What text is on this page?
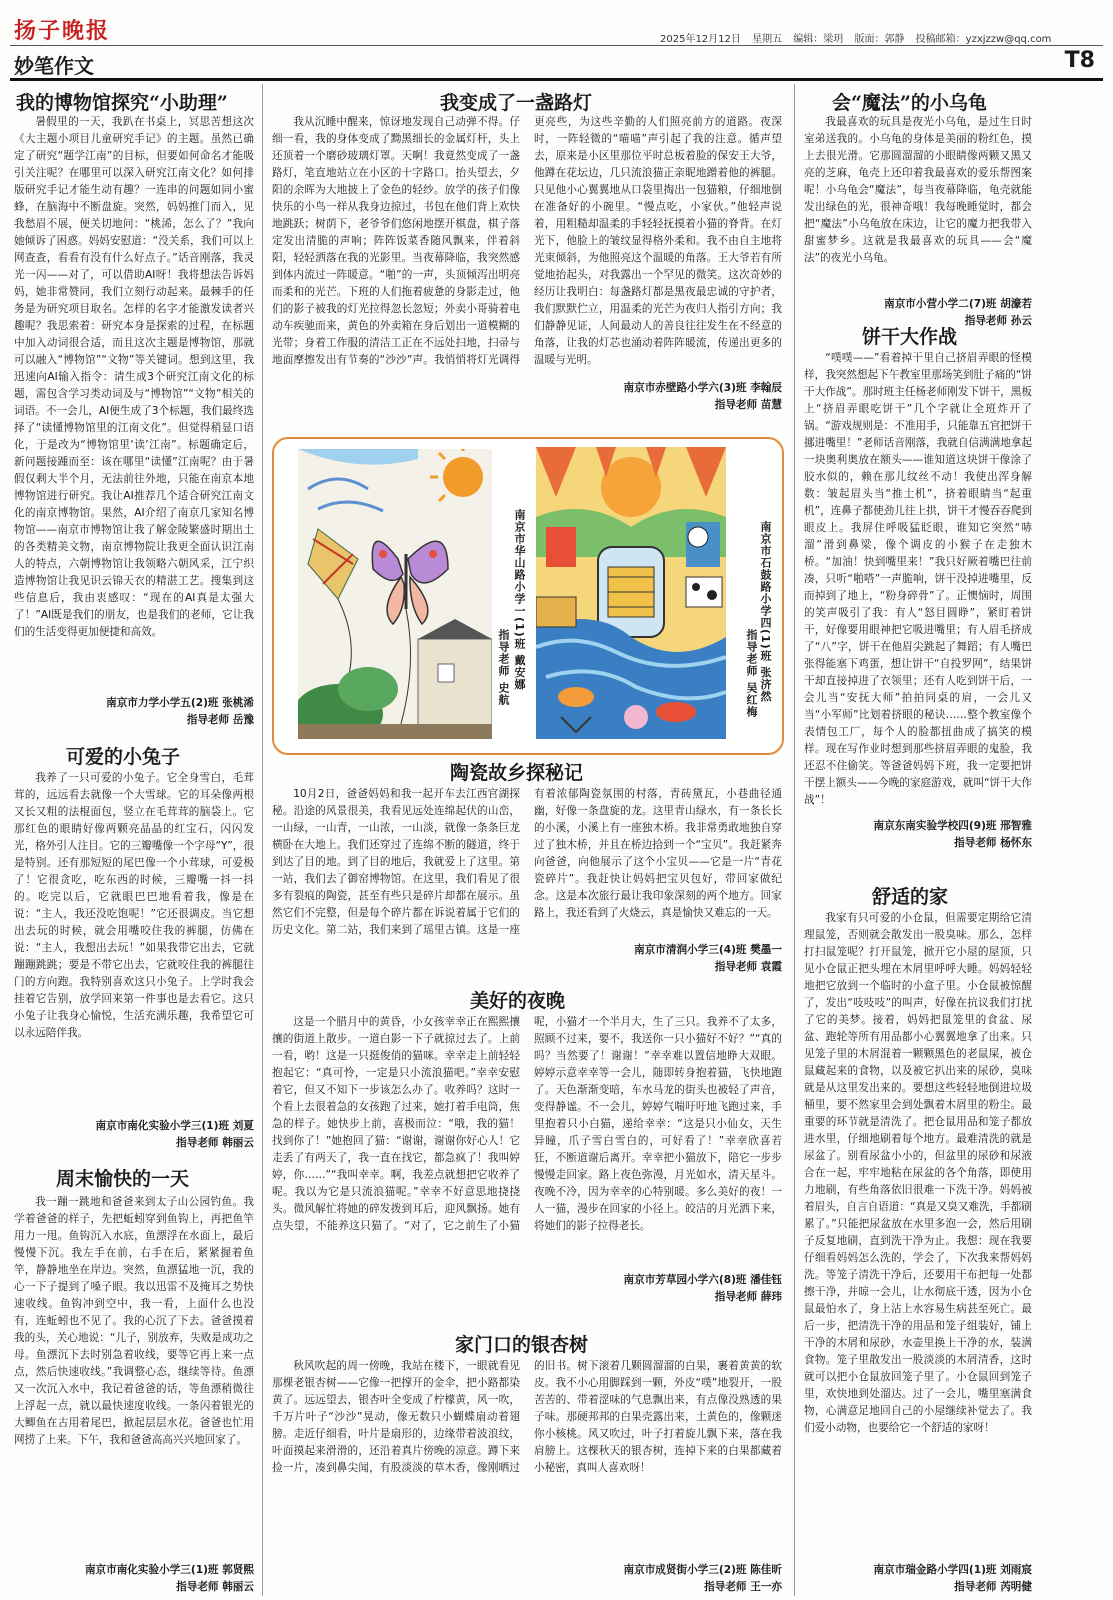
扬子晚报	2025年12月12日 星期五 编辑：梁玥 版面：郭静 投稿邮箱：yzxjzzw@qq.com
妙笔作文	T8
我的博物馆探究“小助理”

暑假里的一天，我趴在书桌上，冥思苦想这次《大主题小项目儿童研究手记》的主题。虽然已确定了研究“题学江南”的目标，但要如何命名才能吸引关注呢？在哪里可以深入研究江南文化？如何排版研究手记才能生动有趣？一连串的问题如同小蜜蜂，在脑海中不断盘旋。突然，妈妈推门而入，见我愁眉不展，便关切地问：“桃浠，怎么了？”我向她倾诉了困惑。妈妈安慰道：“没关系，我们可以上网查查，看看有没有什么好点子。”话音刚落，我灵光一闪——对了，可以借助AI呀！我将想法告诉妈妈，她非常赞同，我们立刻行动起来。最棘手的任务是为研究项目取名。怎样的名字才能激发读者兴趣呢？我思索着：研究本身是探索的过程，在标题中加入动词很合适，而且这次主题是博物馆，那就可以融入“博物馆”“文物”等关键词。想到这里，我迅速向AI输入指令：请生成3个研究江南文化的标题，需包含学习类动词及与“博物馆”“文物”相关的词语。不一会儿，AI便生成了3个标题，我们最终选择了“读懂博物馆里的江南文化”。但觉得稍显口语化，于是改为“博物馆里‘读’江南”。标题确定后，新问题接踵而至：该在哪里“读懂”江南呢？由于暑假仅剩大半个月，无法前往外地，只能在南京本地博物馆进行研究。我让AI推荐几个适合研究江南文化的南京博物馆。果然，AI介绍了南京几家知名博物馆——南京市博物馆让我了解金陵繁盛时期出土的各类精美文物，南京博物院让我更全面认识江南人的特点，六朝博物馆让我领略六朝风采，江宁织造博物馆让我见识云锦天衣的精湛工艺。搜集到这些信息后，我由衷感叹：“现在的AI真是太强大了！”AI既是我们的朋友，也是我们的老师，它让我们的生活变得更加便捷和高效。

南京市力学小学五(2)班 张桃浠
指导老师 岳豫
可爱的小兔子

我养了一只可爱的小兔子。它全身雪白，毛茸茸的，远远看去就像一个大雪球。它的耳朵像两根又长又粗的法棍面包，竖立在毛茸茸的脑袋上。它那红色的眼睛好像两颗亮晶晶的红宝石，闪闪发光，格外引人注目。它的三瓣嘴像一个字母“Y”，很是特别。还有那短短的尾巴像一个小茸球，可爱极了！它很贪吃，吃东西的时候，三瓣嘴一抖一抖的。吃完以后，它就眼巴巴地看着我，像是在说：“主人，我还没吃饱呢！”它还很调皮。当它想出去玩的时候，就会用嘴咬住我的裤腿，仿佛在说：“主人，我想出去玩！”如果我带它出去，它就蹦蹦跳跳；要是不带它出去，它就咬住我的裤腿往门的方向跑。我特别喜欢这只小兔子。上学时我会挂着它告别，放学回来第一件事也是去看它。这只小兔子让我身心愉悦，生活充满乐趣，我希望它可以永远陪伴我。

南京市南化实验小学三(1)班 刘夏
指导老师 韩丽云
周末愉快的一天

我一蹦一跳地和爸爸来到太子山公园钓鱼。我学着爸爸的样子，先把蚯蚓穿到鱼钩上，再把鱼竿用力一甩。鱼钩沉入水底，鱼漂浮在水面上，最后慢慢下沉。我左手在前，右手在后，紧紧握着鱼竿，静静地坐在岸边。突然，鱼漂猛地一沉，我的心一下子提到了嗓子眼。我以迅雷不及掩耳之势快速收线。鱼钩冲到空中，我一看，上面什么也没有，连蚯蚓也不见了。我的心沉了下去。爸爸摸着我的头，关心地说：“儿子，别放弃，失败是成功之母。鱼漂沉下去时别急着收线，要等它再上来一点点，然后快速收线。”我调整心态，继续等待。鱼漂又一次沉入水中，我记着爸爸的话，等鱼漂稍微往上浮起一点，就以最快速度收线。一条闪着银光的大鲫鱼在古用着尾巴，掀起层层水花。爸爸也忙用网捞了上来。下午，我和爸爸高高兴兴地回家了。

南京市南化实验小学三(1)班 郭贤熙
指导老师 韩丽云
我变成了一盏路灯

我从沉睡中醒来，惊讶地发现自己动弹不得。仔细一看，我的身体变成了黝黑细长的金属灯杆，头上还顶着一个磨砂玻璃灯罩。天啊！我竟然变成了一盏路灯，笔直地站立在小区的十字路口。抬头望去，夕阳的余晖为大地披上了金色的轻纱。放学的孩子们像快乐的小鸟一样从我身边掠过，书包在他们背上欢快地跳跃；树荫下，老爷爷们悠闲地摆开棋盘，棋子落定发出清脆的声响；阵阵饭菜香随风飘来，伴着斜阳，轻轻洒落在我的光影里。当夜幕降临，我突然感到体内流过一阵暖意。“啪”的一声，头顶倾泻出明亮而柔和的光芒。下班的人们拖着疲惫的身影走过，他们的影子被我的灯光拉得忽长忽短；外卖小哥骑着电动车疾驰而来，黄色的外卖箱在身后划出一道模糊的光带；身着工作服的清洁工正在不远处扫地，扫帚与地面摩擦发出有节奏的“沙沙”声。我悄悄将灯光调得更亮些，为这些辛勤的人们照亮前方的道路。夜深时，一阵轻微的“喵喵”声引起了我的注意。循声望去，原来是小区里那位平时总板着脸的保安王大爷，他蹲在花坛边，几只流浪猫正亲昵地蹭着他的裤腿。只见他小心翼翼地从口袋里掏出一包猫粮，仔细地倒在准备好的小碗里。“慢点吃，小家伙。”他轻声说着，用粗糙却温柔的手轻轻抚摸着小猫的脊背。在灯光下，他脸上的皱纹显得格外柔和。我不由自主地将光束倾斜，为他照亮这个温暖的角落。王大爷若有所觉地抬起头，对我露出一个罕见的微笑。这次奇妙的经历让我明白：每盏路灯都是黑夜最忠诚的守护者，我们默默伫立，用温柔的光芒为夜归人指引方向；我们静静见证，人间最动人的善良往往发生在不经意的角落，让我的灯芯也涌动着阵阵暖流，传递出更多的温暖与光明。

南京市赤壁路小学六(3)班 李翰辰
指导老师 苗慧
南京市华山路小学一(1)班 戴安娜
指导老师 史航	南京市石鼓路小学四(1)班 张济然
指导老师 吴红梅
陶瓷故乡探秘记

10月2日，爸爸妈妈和我一起开车去江西官湖探秘。沿途的风景很美，我看见远处连绵起伏的山峦，一山绿，一山青，一山浓，一山淡，就像一条条巨龙横卧在大地上。我们还穿过了连绵不断的隧道，终于到达了目的地。到了目的地后，我就爱上了这里。第一站，我们去了御窑博物馆。在这里，我们看见了很多有裂痕的陶瓷，甚至有些只是碎片却都在展示。虽然它们不完整，但是每个碎片都在诉说着属于它们的历史文化。第二站，我们来到了瑶里古镇。这是一座有着浓郁陶瓷氛围的村落，青砖黛瓦，小巷曲径通幽，好像一条盘旋的龙。这里青山绿水，有一条长长的小溪，小溪上有一座独木桥。我非常勇敢地独自穿过了独木桥，并且在桥边拾到一个“宝贝”。我赶紧奔向爸爸，向他展示了这个小宝贝——它是一片“青花瓷碎片”。我赶快让妈妈把宝贝包好，带回家做纪念。这是本次旅行最让我印象深刻的两个地方。回家路上，我还看到了火烧云，真是愉快又难忘的一天。

南京市清润小学三(4)班 樊墨一
指导老师 袁霞
美好的夜晚

这是一个腊月中的黄昏，小女孩幸幸正在熙熙攘攘的街道上散步。一道白影一下子就掠过去了。上前一看，哟！这是一只挺俊俏的猫咪。幸幸走上前轻轻抱起它：“真可怜，一定是只小流浪猫吧。”幸幸安慰着它，但又不知下一步该怎么办了。收养吗？这时一个看上去很着急的女孩跑了过来，她打着手电筒，焦急的样子。她快步上前，喜极而泣：“哦，我的猫！找到你了！”她抱回了猫：“谢谢，谢谢你好心人！它走丢了有两天了，我一直在找它，都急疯了！我叫婷婷，你……”“我叫幸幸。啊，我差点就想把它收养了呢。我以为它是只流浪猫呢。”幸幸不好意思地挠挠头。微风解忙将她的碎发拨到耳后，迎风飘扬。她有点失望，不能养这只猫了。“对了，它之前生了小猫呢，小猫才一个半月大，生了三只。我养不了太多，照顾不过来，要不，我送你一只小猫好不好？”“真的吗？当然要了！谢谢！”幸幸难以置信地睁大双眼。婷婷示意幸幸等一会儿，随即转身抱着猫，飞快地跑了。天色渐渐变暗，车水马龙的街头也被轻了声音，变得静谧。不一会儿，婷婷气喘吁吁地飞跑过来，手里抱着只小白猫，递给幸幸：“这是只小仙女，天生异瞳，爪子雪白雪白的，可好看了！”幸幸欣喜若狂，不断道谢后离开。幸幸把小猫放下，陪它一步步慢慢走回家。路上夜色弥漫，月光如水，清天星斗。夜晚不冷，因为幸幸的心特别暖。多么美好的夜！一人一猫，漫步在回家的小径上。皎洁的月光洒下来，将她们的影子拉得老长。

南京市芳草园小学六(8)班 潘佳钰
指导老师 薛玮
家门口的银杏树

秋风吹起的周一傍晚，我站在楼下，一眼就看见那棵老银杏树——它像一把撑开的金伞，把小路都染黄了。远远望去，银杏叶全变成了柠檬黄，风一吹，千万片叶子“沙沙”晃动，像无数只小蝴蝶扇动着翅膀。走近仔细看，叶片是扇形的，边缘带着波浪纹，叶面摸起来滑滑的，还沿着真片傍晚的凉意。蹲下来捡一片，凑到鼻尖闻，有股淡淡的草木香，像刚晒过的旧书。树下滚着几颗圆溜溜的白果，裹着黄黄的软皮。我不小心用脚踩到一颗，外皮“噗”地裂开，一股苦苦的、带着涩味的气息飘出来，有点像没熟透的果子味。那硬邦邦的白果壳露出来，土黄色的，像颗迷你小核桃。风又吹过，叶子打着旋儿飘下来，落在我肩膀上。这棵秋天的银杏树，连掉下来的白果都藏着小秘密，真叫人喜欢呀！

南京市成贤街小学三(2)班 陈佳昕
指导老师 王一亦
会“魔法”的小乌龟

我最喜欢的玩具是夜光小乌龟，是过生日时室弟送我的。小乌龟的身体是美丽的粉红色，摸上去很光滑。它那圆溜溜的小眼睛像两颗又黑又亮的芝麻，龟壳上还印着我最喜欢的爱乐帮图案呢！小乌龟会“魔法”，每当夜幕降临，龟壳就能发出绿色的光，很神奇哦！我每晚睡觉时，都会把“魔法”小乌龟放在床边，让它的魔力把我带入甜蜜梦乡。这就是我最喜欢的玩具——会“魔法”的夜光小乌龟。

南京市小营小学二(7)班 胡濠若
指导老师 孙云
饼干大作战

“噗噗——”看着掉干里自己挤眉弄眼的怪模样，我突然想起下午教室里那场笑到肚子痛的“饼干大作战”。那时班主任杨老师刚发下饼干，黑板上“挤眉弄眼吃饼干”几个字就让全班炸开了锅。“游戏规则是：不准用手，只能靠五官把饼干挪进嘴里！”老师话音刚落，我就自信满满地拿起一块奥利奥放在额头——谁知道这块饼干像涂了胶水似的，赖在那儿纹丝不动！我使出浑身解数：皱起眉头当“推土机”，挤着眼睛当“起重机”，连鼻子都使劲儿往上拱，饼干才慢吞吞爬到眼皮上。我屏住呼吸猛眨眼，谁知它突然“哧溜”滑到鼻梁，像个调皮的小猴子在走独木桥。“加油！快到嘴里来！”我只好厥着嘴巴往前凑，只听“啪嗒”一声脆响，饼干没掉进嘴里，反而掉到了地上，“粉身碎骨”了。正懊恼时，周围的笑声吸引了我：有人“怒目圆睁”，紧盯着饼干，好像要用眼神把它吸进嘴里；有人眉毛挤成了“八”字，饼干在他眉尖跳起了舞蹈；有人嘴巴张得能塞下鸡蛋，想让饼干“自投罗网”，结果饼干却直接掉进了衣领里；还有人吃到饼干后，一会儿当“安抚大师”拍拍同桌的肩，一会儿又当“小军师”比划着挤眼的秘诀……整个教室像个表情包工厂，每个人的脸都扭曲成了搞笑的模样。现在写作业时想到那些挤眉弄眼的鬼脸，我还忍不住偷笑。等爸爸妈妈下班，我一定要把饼干摆上额头——今晚的家庭游戏，就叫“饼干大作战”！

南京东南实验学校四(9)班 邢智雅
指导老师 杨怀东
舒适的家

我家有只可爱的小仓鼠，但需要定期给它清理鼠笼，否则就会散发出一股臭味。那么，怎样打扫鼠笼呢？打开鼠笼，掀开它小屋的屋顶，只见小仓鼠正把头埋在木屑里呼呼大睡。妈妈轻轻地把它放到一个临时的小盒子里。小仓鼠被惊醒了，发出“吱吱吱”的叫声，好像在抗议我们打扰了它的美梦。接着，妈妈把鼠笼里的食盆、尿盆、跑轮等所有用品都小心翼翼地拿了出来。只见笼子里的木屑混着一颗颗黑色的老鼠屎，被仓鼠藏起来的食物，以及被它扒出来的尿砂，臭味就是从这里发出来的。要想这些轻轻地倒进垃圾桶里，要不然家里会到处飘着木屑里的粉尘。最重要的环节就是清洗了。把仓鼠用品和笼子都放进水里，仔细地刷着每个地方。最难清洗的就是尿盆了。别看尿盆小小的，但盆里的尿砂和尿液合在一起，牢牢地粘在尿盆的各个角落，即使用力地刷，有些角落依旧很难一下洗干净。妈妈被着眉头，自言自语道：“真是又臭又难洗，手都刷累了。”只能把尿盆放在水里多泡一会，然后用刷子反复地刷，直到洗干净为止。我想：现在我要仔细看妈妈怎么洗的，学会了，下次我来帮妈妈洗。等笼子清洗干净后，还要用干布把每一处都擦干净，并晾一会儿，让水彻底干透，因为小仓鼠最怕水了，身上沾上水容易生病甚至死亡。最后一步，把清洗干净的用品和笼子组装好，铺上干净的木屑和尿砂，水壶里换上干净的水，装满食物。笼子里散发出一股淡淡的木屑清香，这时就可以把小仓鼠放回笼子里了。小仓鼠回到笼子里，欢快地到处溜达。过了一会儿，嘴里塞满食物，心满意足地回自己的小屋继续补觉去了。我们爱小动物，也要给它一个舒适的家呀！

南京市瑞金路小学四(1)班 刘雨宸
指导老师 芮明健
